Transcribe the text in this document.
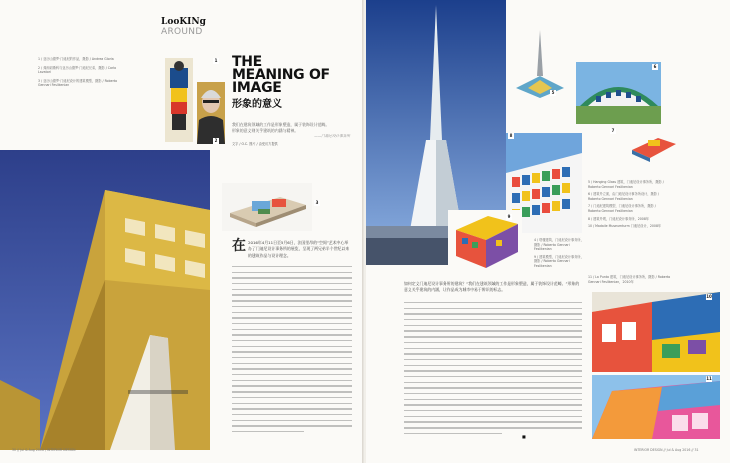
LooKINg
AROUND

1 / 亚历山德罗·门迪尼的作品，摄影 / Andrea Gloria

2 / 弗朗切斯科与亚历山德罗·门迪尼兄弟，摄影 / Carlo Lavatori

3 / 亚历山德罗·门迪尼设计的建筑模型，摄影 / Roberto Gennari Feslikenian

1
2
THE
MEANING OF
IMAGE
形象的意义

我们在建筑领域的工作是形象塑造，属于装饰设计范畴。

形象的意义则关乎建筑的内涵与精神。

——门迪尼设计事务所

文字 / O.C. 图片 / 由受访方提供

3
在 2016年4月11日至5月6日，法国里昂的“空间”艺术中心举办了门迪尼设计事务所的展览，呈现了两兄弟半个世纪以来的建筑作品与设计理念。

30 // Jul & Aug 2016 / INTERIOR DESIGN
5
6
7
8
9

5 / Hanging Glass 建筑，门迪尼设计事务所，摄影 / Roberto Gennari Feslikenian

6 / 建筑外立面，由门迪尼设计事务所设计，摄影 / Roberto Gennari Feslikenian

7 / 门迪尼建筑模型，门迪尼设计事务所，摄影 / Roberto Gennari Feslikenian

8 / 建筑外观，门迪尼设计事务所，2008年

10 / Madaile Museumturm 门迪尼设计，2008年

4 / 塔楼建筑，门迪尼设计事务所，摄影 / Roberto Gennari Feslikenian

9 / 建筑模型，门迪尼设计事务所，摄影 / Roberto Gennari Feslikenian

如何定义门迪尼设计事务所的建筑？“我们在建筑领域的工作是形象塑造，属于装饰设计范畴。”形象的意义关乎建筑的内涵，让作品成为城市中易于辨识的标志。

■
10
11

11 / La Punta 建筑，门迪尼设计事务所，摄影 / Roberto Gennari Feslikenian，2010年

INTERIOR DESIGN // Jul & Aug 2016 // 31
